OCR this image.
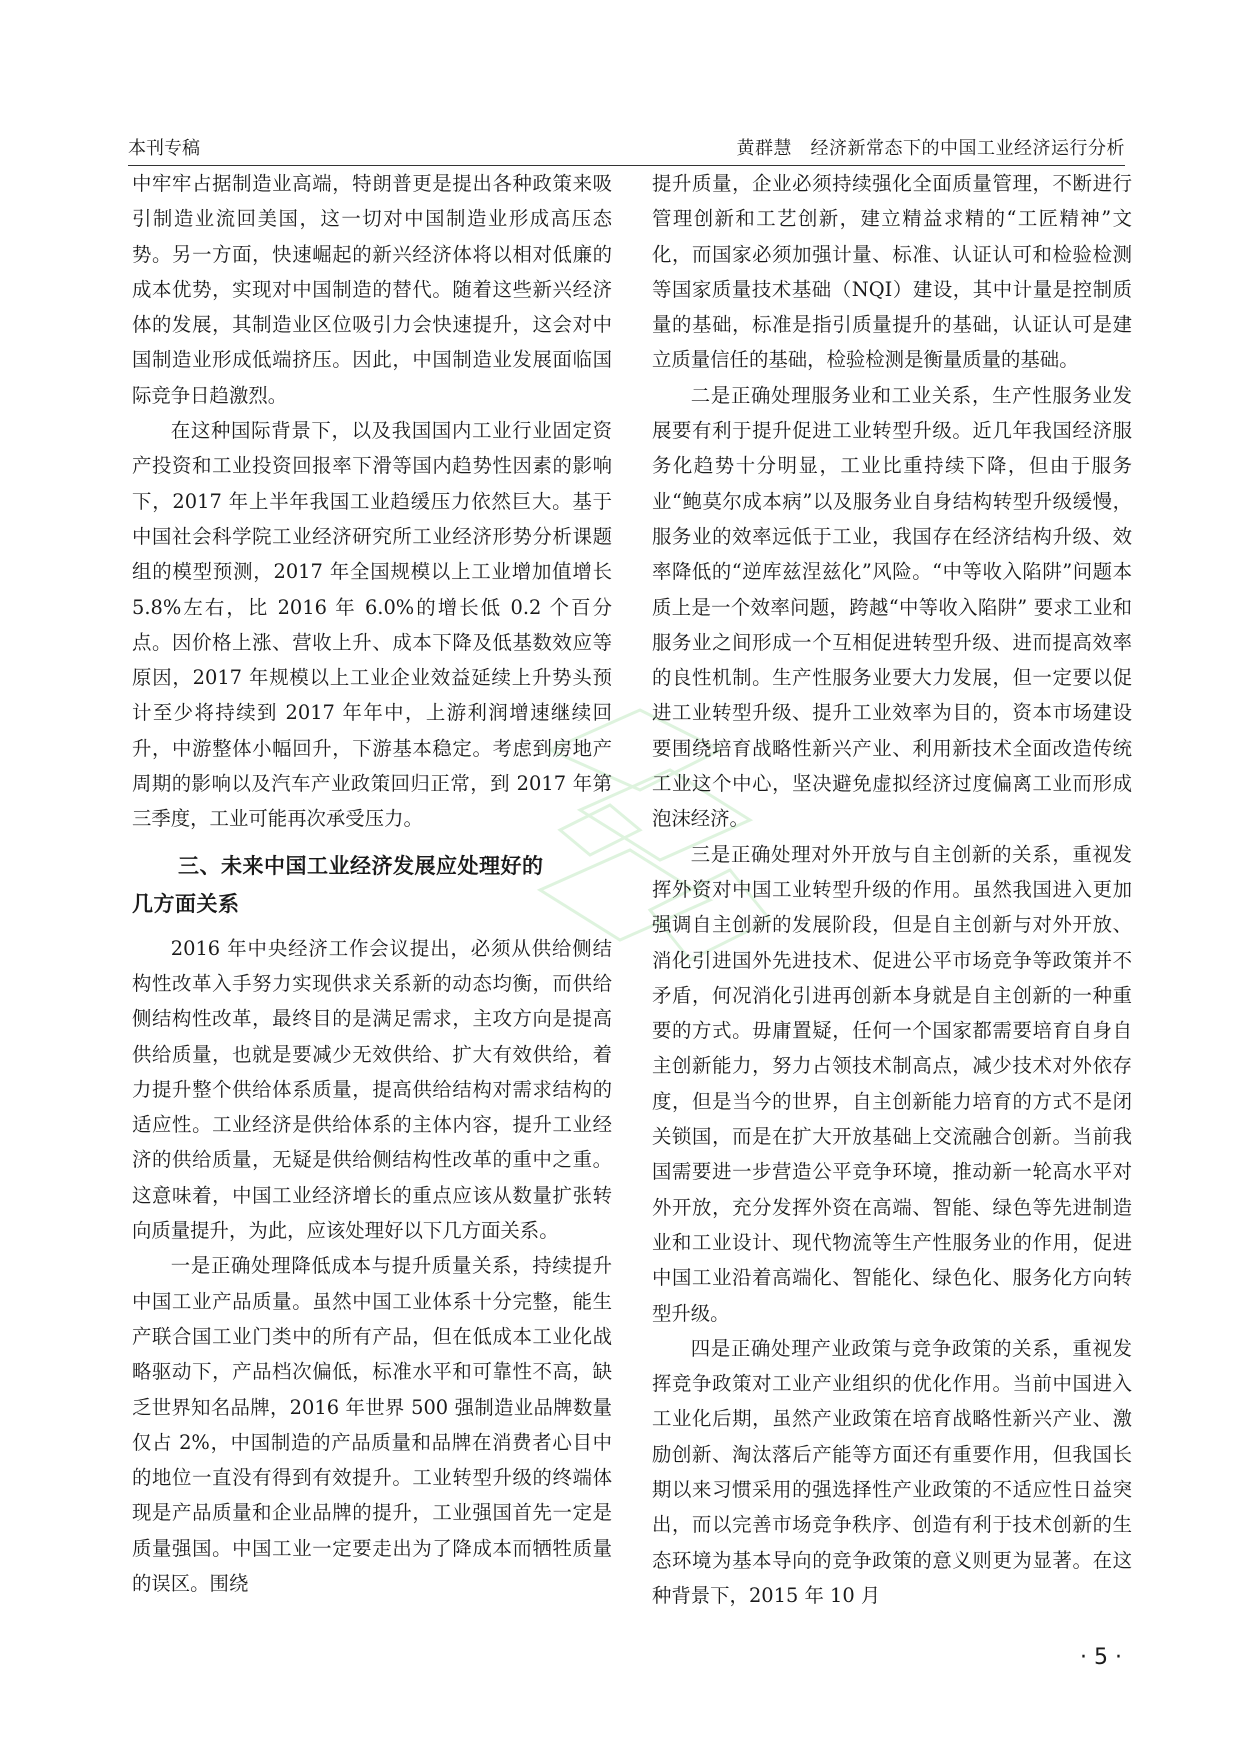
本刊专稿	黄群慧　经济新常态下的中国工业经济运行分析

中牢牢占据制造业高端，特朗普更是提出各种政策来吸引制造业流回美国，这一切对中国制造业形成高压态势。另一方面，快速崛起的新兴经济体将以相对低廉的成本优势，实现对中国制造的替代。随着这些新兴经济体的发展，其制造业区位吸引力会快速提升，这会对中国制造业形成低端挤压。因此，中国制造业发展面临国际竞争日趋激烈。

在这种国际背景下，以及我国国内工业行业固定资产投资和工业投资回报率下滑等国内趋势性因素的影响下，2017 年上半年我国工业趋缓压力依然巨大。基于中国社会科学院工业经济研究所工业经济形势分析课题组的模型预测，2017 年全国规模以上工业增加值增长 5.8%左右，比 2016 年 6.0%的增长低 0.2 个百分点。因价格上涨、营收上升、成本下降及低基数效应等原因，2017 年规模以上工业企业效益延续上升势头预计至少将持续到 2017 年年中，上游利润增速继续回升，中游整体小幅回升，下游基本稳定。考虑到房地产周期的影响以及汽车产业政策回归正常，到 2017 年第三季度，工业可能再次承受压力。

三、未来中国工业经济发展应处理好的
几方面关系

2016 年中央经济工作会议提出，必须从供给侧结构性改革入手努力实现供求关系新的动态均衡，而供给侧结构性改革，最终目的是满足需求，主攻方向是提高供给质量，也就是要减少无效供给、扩大有效供给，着力提升整个供给体系质量，提高供给结构对需求结构的适应性。工业经济是供给体系的主体内容，提升工业经济的供给质量，无疑是供给侧结构性改革的重中之重。这意味着，中国工业经济增长的重点应该从数量扩张转向质量提升，为此，应该处理好以下几方面关系。

一是正确处理降低成本与提升质量关系，持续提升中国工业产品质量。虽然中国工业体系十分完整，能生产联合国工业门类中的所有产品，但在低成本工业化战略驱动下，产品档次偏低，标准水平和可靠性不高，缺乏世界知名品牌，2016 年世界 500 强制造业品牌数量仅占 2%，中国制造的产品质量和品牌在消费者心目中的地位一直没有得到有效提升。工业转型升级的终端体现是产品质量和企业品牌的提升，工业强国首先一定是质量强国。中国工业一定要走出为了降成本而牺牲质量的误区。围绕

提升质量，企业必须持续强化全面质量管理，不断进行管理创新和工艺创新，建立精益求精的“工匠精神”文化，而国家必须加强计量、标准、认证认可和检验检测等国家质量技术基础（NQI）建设，其中计量是控制质量的基础，标准是指引质量提升的基础，认证认可是建立质量信任的基础，检验检测是衡量质量的基础。

二是正确处理服务业和工业关系，生产性服务业发展要有利于提升促进工业转型升级。近几年我国经济服务化趋势十分明显，工业比重持续下降，但由于服务业“鲍莫尔成本病”以及服务业自身结构转型升级缓慢，服务业的效率远低于工业，我国存在经济结构升级、效率降低的“逆库兹涅兹化”风险。“中等收入陷阱”问题本质上是一个效率问题，跨越“中等收入陷阱” 要求工业和服务业之间形成一个互相促进转型升级、进而提高效率的良性机制。生产性服务业要大力发展，但一定要以促进工业转型升级、提升工业效率为目的，资本市场建设要围绕培育战略性新兴产业、利用新技术全面改造传统工业这个中心，坚决避免虚拟经济过度偏离工业而形成泡沫经济。

三是正确处理对外开放与自主创新的关系，重视发挥外资对中国工业转型升级的作用。虽然我国进入更加强调自主创新的发展阶段，但是自主创新与对外开放、消化引进国外先进技术、促进公平市场竞争等政策并不矛盾，何况消化引进再创新本身就是自主创新的一种重要的方式。毋庸置疑，任何一个国家都需要培育自身自主创新能力，努力占领技术制高点，减少技术对外依存度，但是当今的世界，自主创新能力培育的方式不是闭关锁国，而是在扩大开放基础上交流融合创新。当前我国需要进一步营造公平竞争环境，推动新一轮高水平对外开放，充分发挥外资在高端、智能、绿色等先进制造业和工业设计、现代物流等生产性服务业的作用，促进中国工业沿着高端化、智能化、绿色化、服务化方向转型升级。

四是正确处理产业政策与竞争政策的关系，重视发挥竞争政策对工业产业组织的优化作用。当前中国进入工业化后期，虽然产业政策在培育战略性新兴产业、激励创新、淘汰落后产能等方面还有重要作用，但我国长期以来习惯采用的强选择性产业政策的不适应性日益突出，而以完善市场竞争秩序、创造有利于技术创新的生态环境为基本导向的竞争政策的意义则更为显著。在这种背景下，2015 年 10 月

· 5 ·
